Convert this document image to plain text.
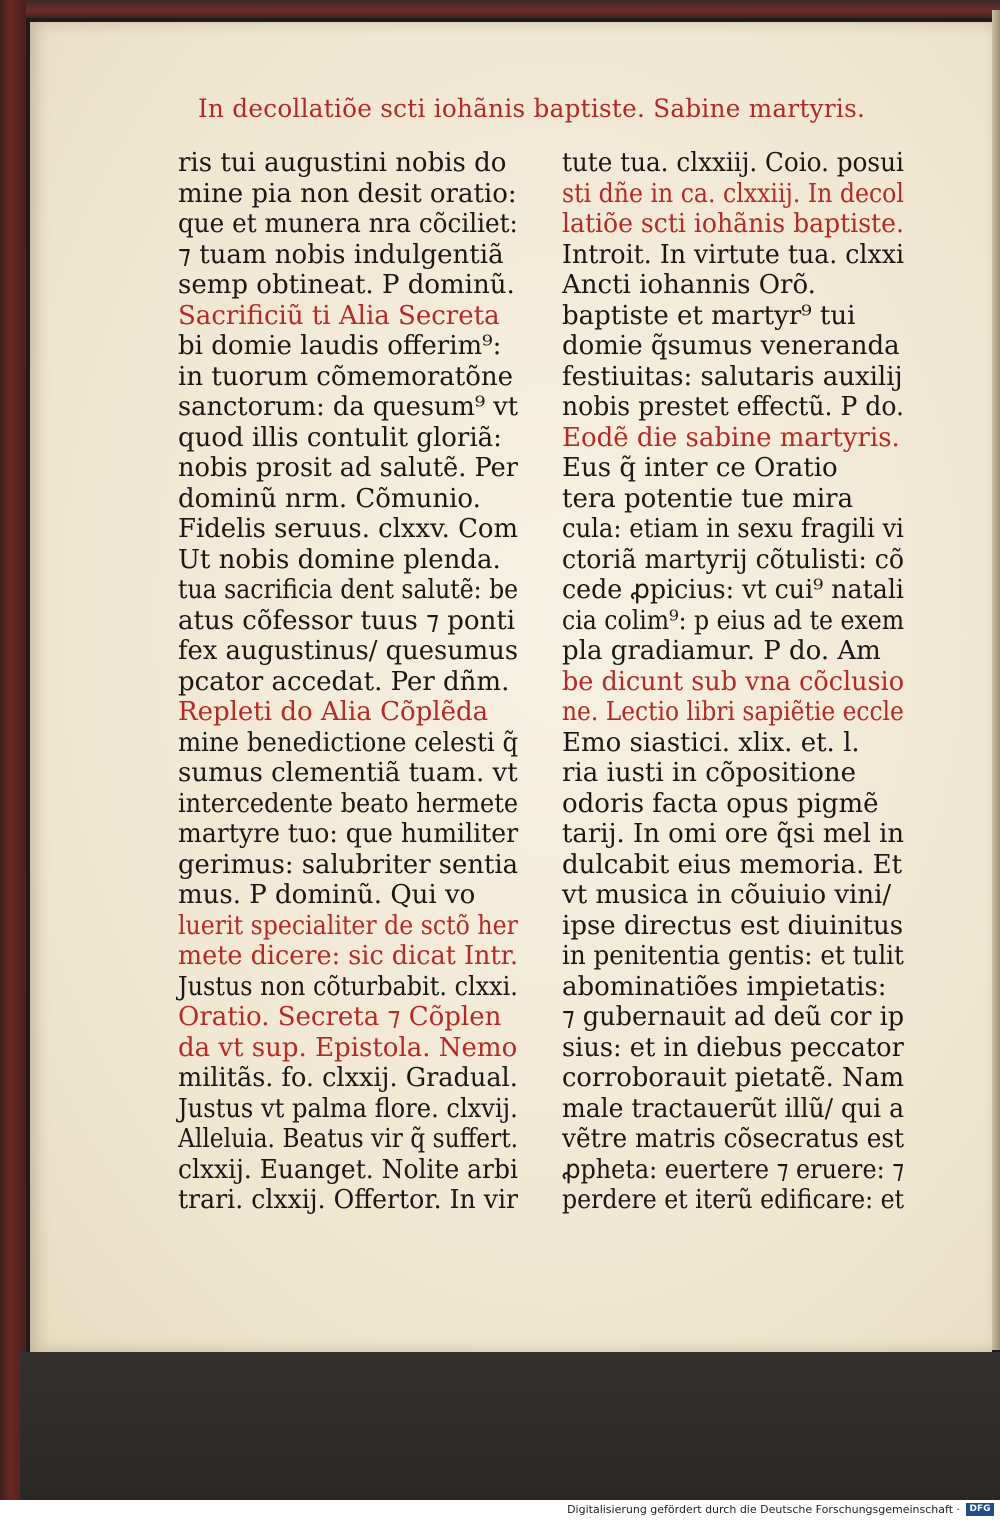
In decollatiõe scti iohãnis baptiste. Sabine martyris.
ris tui augustini nobis do
mine pia non desit oratio:
que et munera nra cõciliet:
⁊ tuam nobis indulgentiã
semp obtineat. P dominũ.
Sacrificiũ ti Alia Secreta
bi domie laudis offerim⁹:
in tuorum cõmemoratõne
sanctorum: da quesum⁹ vt
quod illis contulit gloriã:
nobis prosit ad salutẽ. Per
dominũ nrm. Cõmunio.
Fidelis seruus. clxxv. Com
Ut nobis domine plenda.
tua sacrificia dent salutẽ: be
atus cõfessor tuus ⁊ ponti
fex augustinus/ quesumus
pcator accedat. Per dñm.
Repleti do Alia Cõplẽda
mine benedictione celesti q̃
sumus clementiã tuam. vt
intercedente beato hermete
martyre tuo: que humiliter
gerimus: salubriter sentia
mus. P dominũ. Qui vo
luerit specialiter de sctõ her
mete dicere: sic dicat Intr.
Justus non cõturbabit. clxxi.
Oratio. Secreta ⁊ Cõplen
da vt sup. Epistola. Nemo
militãs. fo. clxxij. Gradual.
Justus vt palma flore. clxvij.
Alleluia. Beatus vir q̃ suffert.
clxxij. Euanget. Nolite arbi
trari. clxxij. Offertor. In vir
tute tua. clxxiij. Coio. posui
sti dñe in ca. clxxiij. In decol
latiõe scti iohãnis baptiste.
Introit. In virtute tua. clxxi
Ancti iohannis Orõ.
baptiste et martyr⁹ tui
domie q̃sumus veneranda
festiuitas: salutaris auxilij
nobis prestet effectũ. P do.
Eodẽ die sabine martyris.
Eus q̃ inter ce Oratio
tera potentie tue mira
cula: etiam in sexu fragili vi
ctoriã martyrij cõtulisti: cõ
cede ꝓpicius: vt cui⁹ natali
cia colim⁹: p eius ad te exem
pla gradiamur. P do. Am
be dicunt sub vna cõclusio
ne. Lectio libri sapiẽtie eccle
Emo siastici. xlix. et. l.
ria iusti in cõpositione
odoris facta opus pigmẽ
tarij. In omi ore q̃si mel in
dulcabit eius memoria. Et
vt musica in cõuiuio vini/
ipse directus est diuinitus
in penitentia gentis: et tulit
abominatiões impietatis:
⁊ gubernauit ad deũ cor ip
sius: et in diebus peccator
corroborauit pietatẽ. Nam
male tractauerũt illũ/ qui a
vẽtre matris cõsecratus est
ꝓpheta: euertere ⁊ eruere: ⁊
perdere et iterũ edificare: et
Digitalisierung gefördert durch die Deutsche Forschungsgemeinschaft ·	DFG
